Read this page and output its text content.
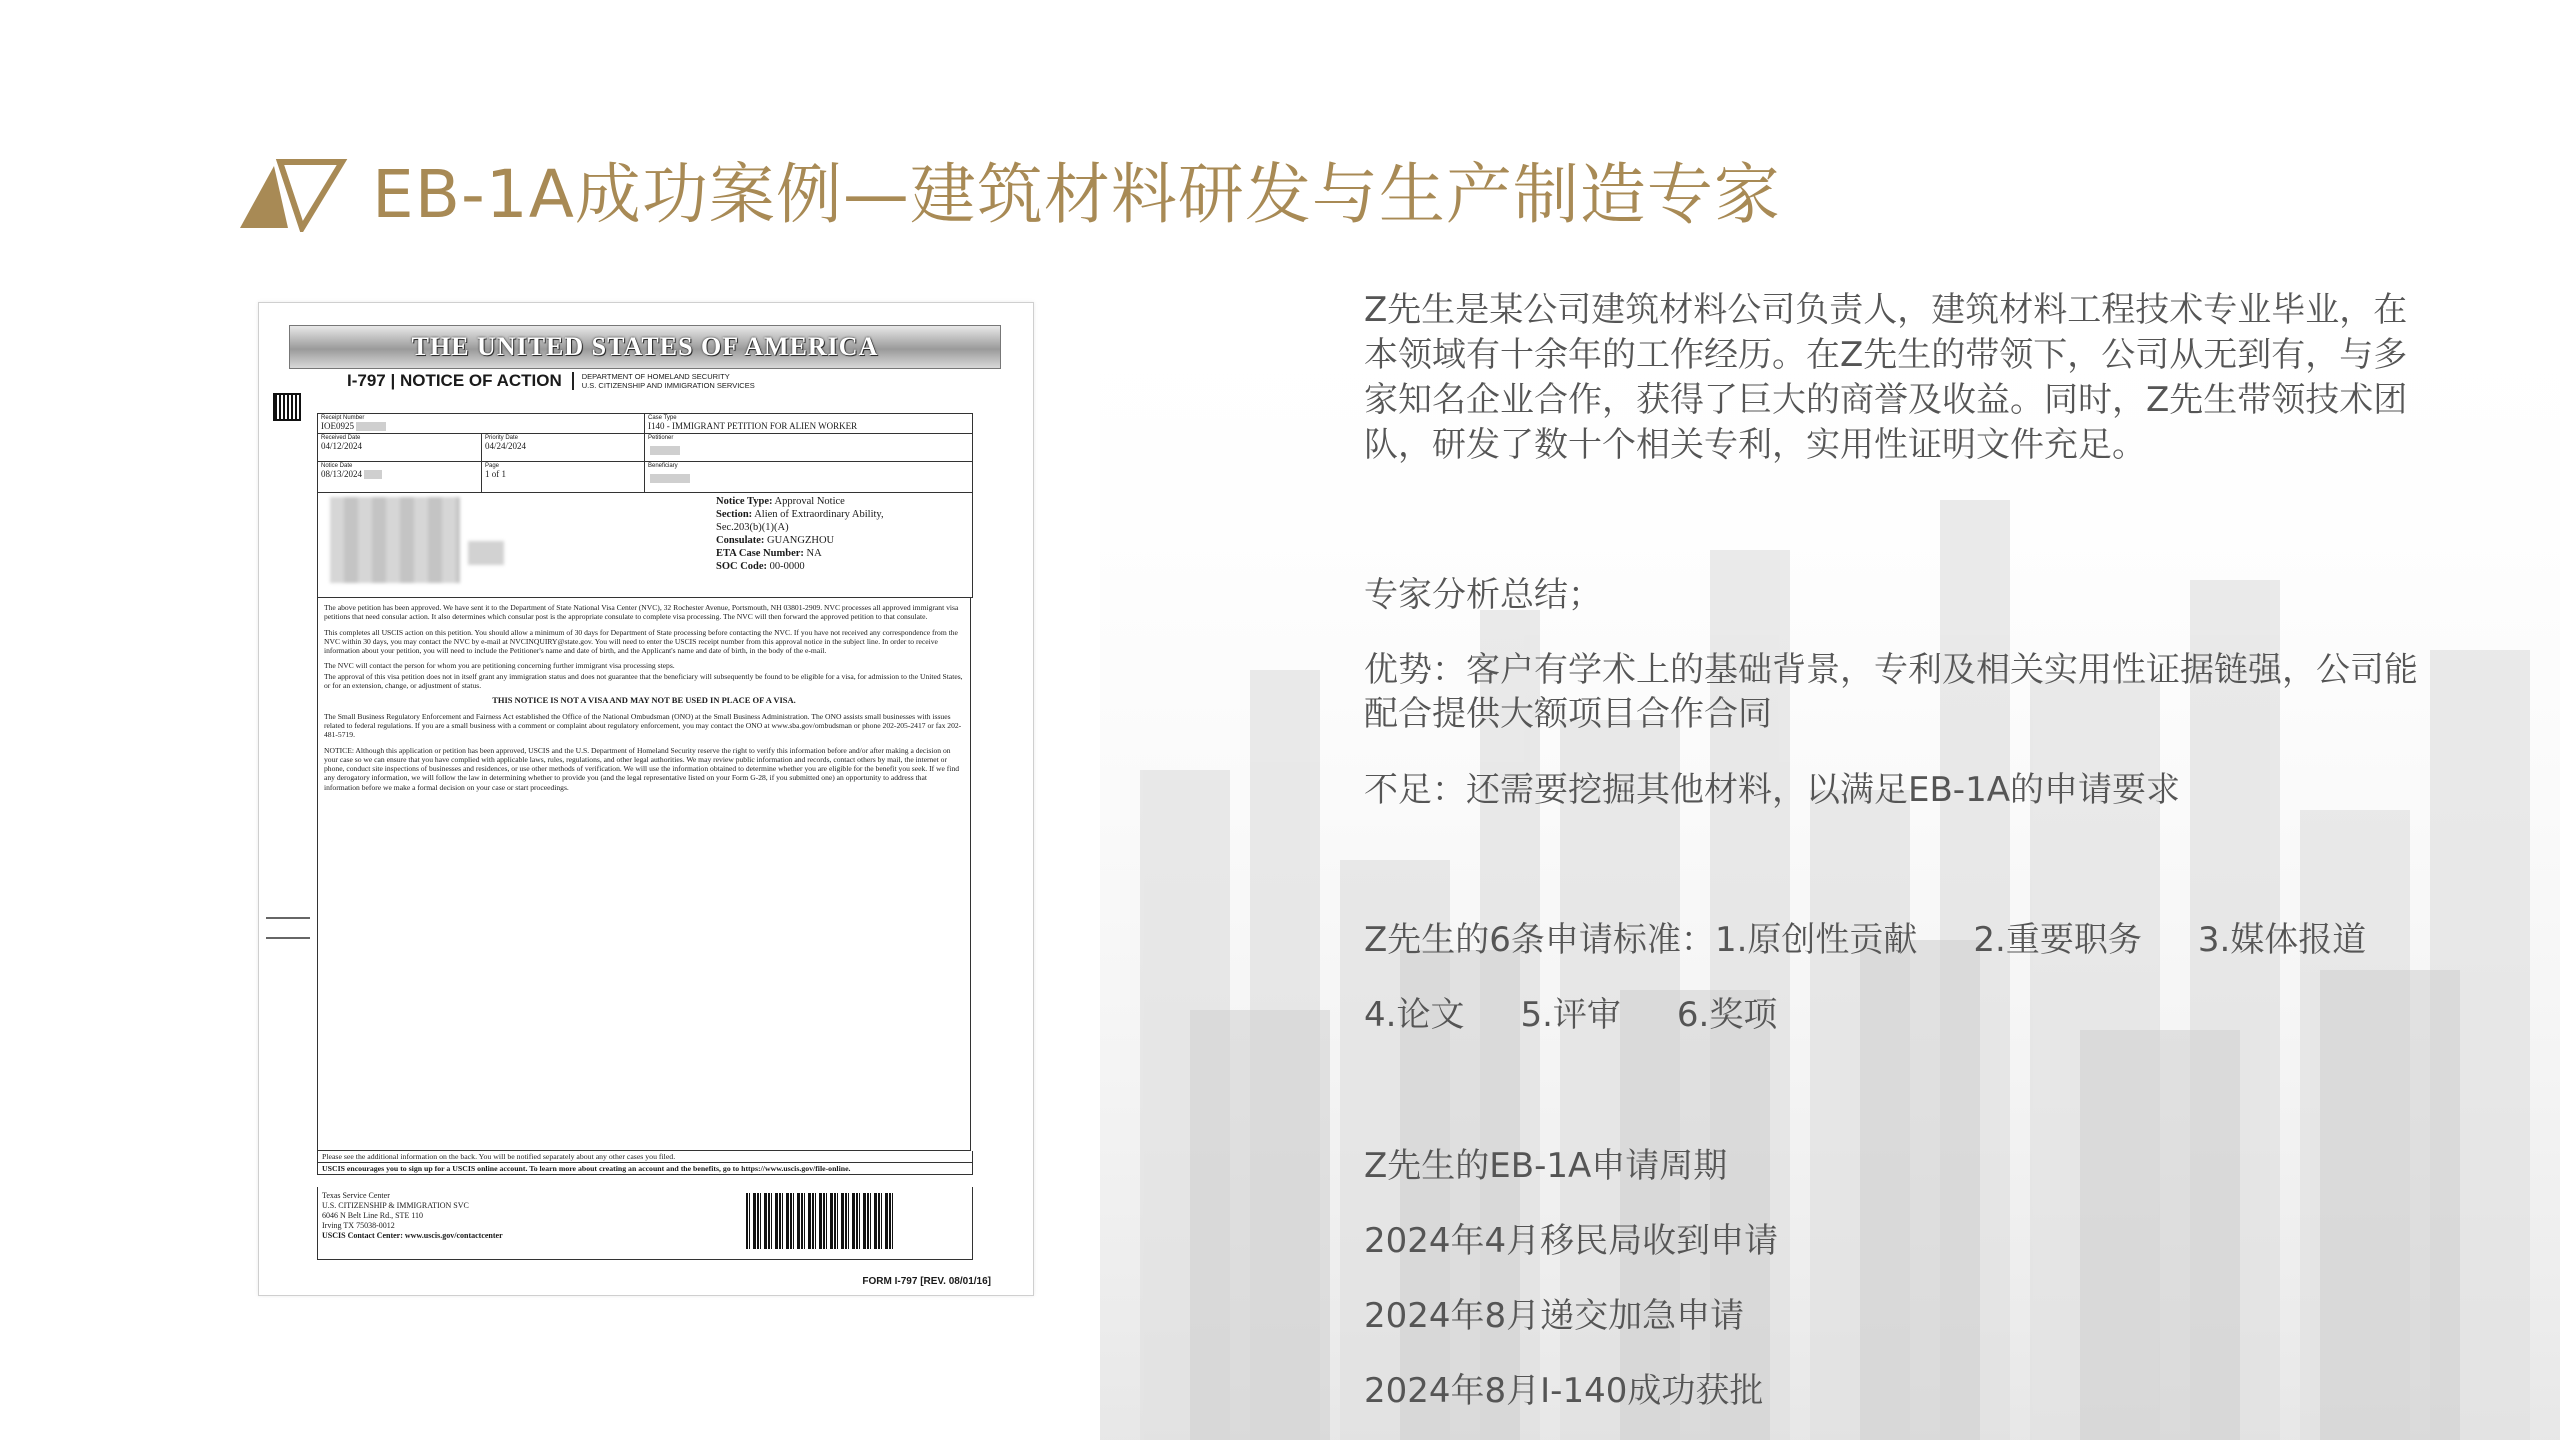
EB-1A成功案例—建筑材料研发与生产制造专家
THE UNITED STATES OF AMERICA
I-797 | NOTICE OF ACTION	DEPARTMENT OF HOMELAND SECURITY
U.S. CITIZENSHIP AND IMMIGRATION SERVICES
Receipt Number
IOE0925
Case Type
I140 - IMMIGRANT PETITION FOR ALIEN WORKER
Received Date
04/12/2024
Priority Date
04/24/2024
Petitioner
Notice Date
08/13/2024
Page
1 of 1
Beneficiary
Notice Type: Approval Notice
Section: Alien of Extraordinary Ability,
Sec.203(b)(1)(A)
Consulate: GUANGZHOU
ETA Case Number: NA
SOC Code: 00-0000

The above petition has been approved. We have sent it to the Department of State National Visa Center (NVC), 32 Rochester Avenue, Portsmouth, NH 03801-2909. NVC processes all approved immigrant visa petitions that need consular action. It also determines which consular post is the appropriate consulate to complete visa processing. The NVC will then forward the approved petition to that consulate.

This completes all USCIS action on this petition. You should allow a minimum of 30 days for Department of State processing before contacting the NVC. If you have not received any correspondence from the NVC within 30 days, you may contact the NVC by e-mail at NVCINQUIRY@state.gov. You will need to enter the USCIS receipt number from this approval notice in the subject line. In order to receive information about your petition, you will need to include the Petitioner's name and date of birth, and the Applicant's name and date of birth, in the body of the e-mail.

The NVC will contact the person for whom you are petitioning concerning further immigrant visa processing steps.

The approval of this visa petition does not in itself grant any immigration status and does not guarantee that the beneficiary will subsequently be found to be eligible for a visa, for admission to the United States, or for an extension, change, or adjustment of status.

THIS NOTICE IS NOT A VISA AND MAY NOT BE USED IN PLACE OF A VISA.

The Small Business Regulatory Enforcement and Fairness Act established the Office of the National Ombudsman (ONO) at the Small Business Administration. The ONO assists small businesses with issues related to federal regulations. If you are a small business with a comment or complaint about regulatory enforcement, you may contact the ONO at www.sba.gov/ombudsman or phone 202-205-2417 or fax 202-481-5719.

NOTICE: Although this application or petition has been approved, USCIS and the U.S. Department of Homeland Security reserve the right to verify this information before and/or after making a decision on your case so we can ensure that you have complied with applicable laws, rules, regulations, and other legal authorities. We may review public information and records, contact others by mail, the internet or phone, conduct site inspections of businesses and residences, or use other methods of verification. We will use the information obtained to determine whether you are eligible for the benefit you seek. If we find any derogatory information, we will follow the law in determining whether to provide you (and the legal representative listed on your Form G-28, if you submitted one) an opportunity to address that information before we make a formal decision on your case or start proceedings.

Please see the additional information on the back. You will be notified separately about any other cases you filed.
USCIS encourages you to sign up for a USCIS online account. To learn more about creating an account and the benefits, go to https://www.uscis.gov/file-online.
Texas Service Center
U.S. CITIZENSHIP & IMMIGRATION SVC
6046 N Belt Line Rd., STE 110
Irving TX 75038-0012
USCIS Contact Center: www.uscis.gov/contactcenter
FORM I-797 [REV. 08/01/16]
Z先生是某公司建筑材料公司负责人，建筑材料工程技术专业毕业，在
本领域有十余年的工作经历。在Z先生的带领下，公司从无到有，与多
家知名企业合作，获得了巨大的商誉及收益。同时，Z先生带领技术团
队，研发了数十个相关专利，实用性证明文件充足。
专家分析总结；
优势：客户有学术上的基础背景，专利及相关实用性证据链强，公司能
配合提供大额项目合作合同
不足：还需要挖掘其他材料，以满足EB-1A的申请要求
Z先生的6条申请标准：1.原创性贡献 2.重要职务 3.媒体报道
4.论文 5.评审 6.奖项
Z先生的EB-1A申请周期
2024年4月移民局收到申请
2024年8月递交加急申请
2024年8月I-140成功获批
